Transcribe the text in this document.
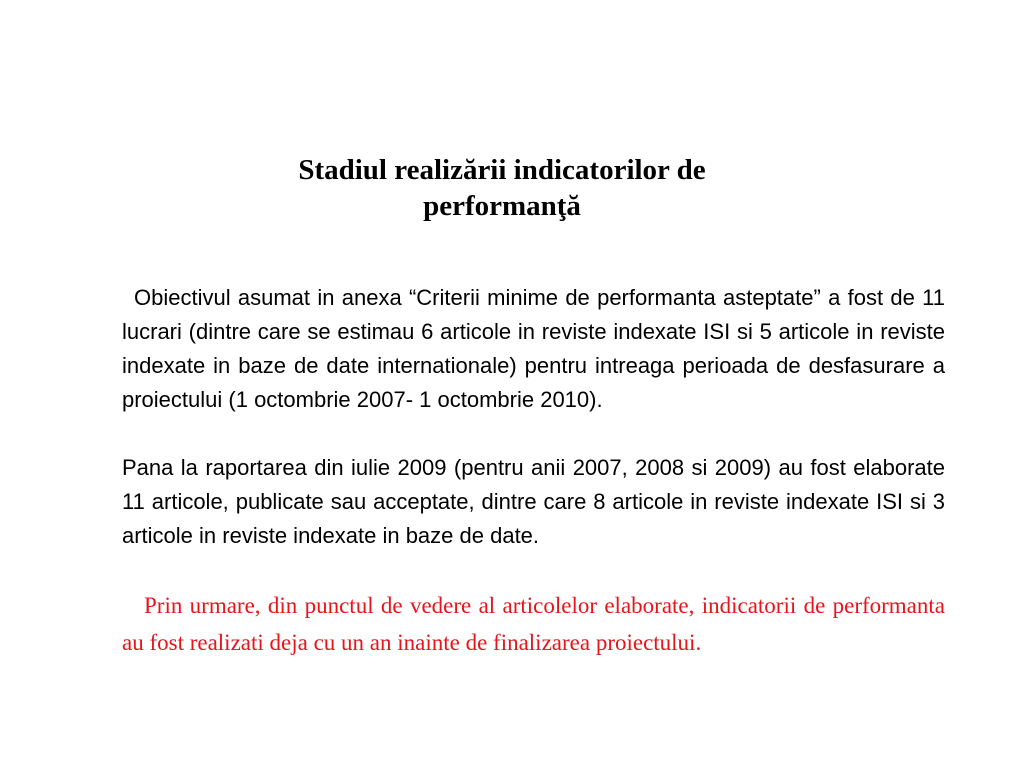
Stadiul realizării indicatorilor de
performanţă

Obiectivul asumat in anexa “Criterii minime de performanta asteptate” a fost de 11 lucrari (dintre care se estimau 6 articole in reviste indexate ISI si 5 articole in reviste indexate in baze de date internationale) pentru intreaga perioada de desfasurare a proiectului (1 octombrie 2007- 1 octombrie 2010).

Pana la raportarea din iulie 2009 (pentru anii 2007, 2008 si 2009) au fost elaborate 11 articole, publicate sau acceptate, dintre care 8 articole in reviste indexate ISI si 3 articole in reviste indexate in baze de date.

Prin urmare, din punctul de vedere al articolelor elaborate, indicatorii de performanta au fost realizati deja cu un an inainte de finalizarea proiectului.
